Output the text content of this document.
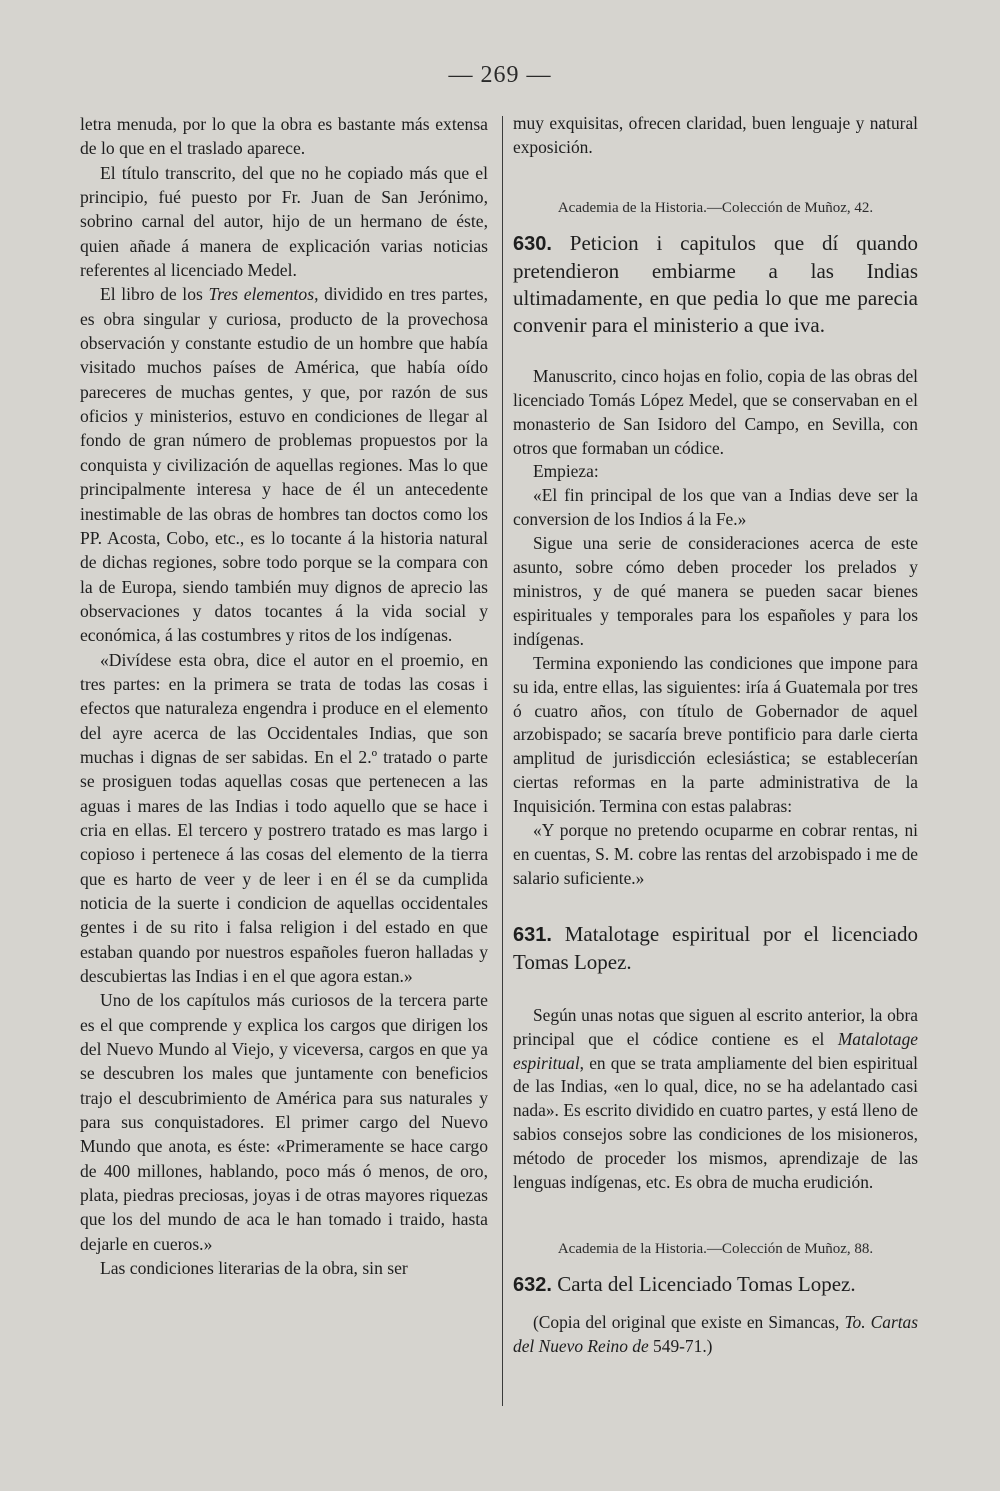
— 269 —

letra menuda, por lo que la obra es bastante más extensa de lo que en el traslado aparece.

El título transcrito, del que no he copiado más que el principio, fué puesto por Fr. Juan de San Jerónimo, sobrino carnal del autor, hijo de un hermano de éste, quien añade á manera de explicación varias noticias referentes al licenciado Medel.

El libro de los Tres elementos, dividido en tres partes, es obra singular y curiosa, producto de la provechosa observación y constante estudio de un hombre que había visitado muchos países de América, que había oído pareceres de muchas gentes, y que, por razón de sus oficios y ministerios, estuvo en condiciones de llegar al fondo de gran número de problemas propuestos por la conquista y civilización de aquellas regiones. Mas lo que principalmente interesa y hace de él un antecedente inestimable de las obras de hombres tan doctos como los PP. Acosta, Cobo, etc., es lo tocante á la historia natural de dichas regiones, sobre todo porque se la compara con la de Europa, siendo también muy dignos de aprecio las observaciones y datos tocantes á la vida social y económica, á las costumbres y ritos de los indígenas.

«Divídese esta obra, dice el autor en el proemio, en tres partes: en la primera se trata de todas las cosas i efectos que naturaleza engendra i produce en el elemento del ayre acerca de las Occidentales Indias, que son muchas i dignas de ser sabidas. En el 2.º tratado o parte se prosiguen todas aquellas cosas que pertenecen a las aguas i mares de las Indias i todo aquello que se hace i cria en ellas. El tercero y postrero tratado es mas largo i copioso i pertenece á las cosas del elemento de la tierra que es harto de veer y de leer i en él se da cumplida noticia de la suerte i condicion de aquellas occidentales gentes i de su rito i falsa religion i del estado en que estaban quando por nuestros españoles fueron halladas y descubiertas las Indias i en el que agora estan.»

Uno de los capítulos más curiosos de la tercera parte es el que comprende y explica los cargos que dirigen los del Nuevo Mundo al Viejo, y viceversa, cargos en que ya se descubren los males que juntamente con beneficios trajo el descubrimiento de América para sus naturales y para sus conquistadores. El primer cargo del Nuevo Mundo que anota, es éste: «Primeramente se hace cargo de 400 millones, hablando, poco más ó menos, de oro, plata, piedras preciosas, joyas i de otras mayores riquezas que los del mundo de aca le han tomado i traido, hasta dejarle en cueros.»

Las condiciones literarias de la obra, sin ser

muy exquisitas, ofrecen claridad, buen lenguaje y natural exposición.

Academia de la Historia.—Colección de Muñoz, 42.

630. Peticion i capitulos que dí quando pretendieron embiarme a las Indias ultimadamente, en que pedia lo que me parecia convenir para el ministerio a que iva.

Manuscrito, cinco hojas en folio, copia de las obras del licenciado Tomás López Medel, que se conservaban en el monasterio de San Isidoro del Campo, en Sevilla, con otros que formaban un códice.

Empieza:

«El fin principal de los que van a Indias deve ser la conversion de los Indios á la Fe.»

Sigue una serie de consideraciones acerca de este asunto, sobre cómo deben proceder los prelados y ministros, y de qué manera se pueden sacar bienes espirituales y temporales para los españoles y para los indígenas.

Termina exponiendo las condiciones que impone para su ida, entre ellas, las siguientes: iría á Guatemala por tres ó cuatro años, con título de Gobernador de aquel arzobispado; se sacaría breve pontificio para darle cierta amplitud de jurisdicción eclesiástica; se establecerían ciertas reformas en la parte administrativa de la Inquisición. Termina con estas palabras:

«Y porque no pretendo ocuparme en cobrar rentas, ni en cuentas, S. M. cobre las rentas del arzobispado i me de salario suficiente.»

631. Matalotage espiritual por el licenciado Tomas Lopez.

Según unas notas que siguen al escrito anterior, la obra principal que el códice contiene es el Matalotage espiritual, en que se trata ampliamente del bien espiritual de las Indias, «en lo qual, dice, no se ha adelantado casi nada». Es escrito dividido en cuatro partes, y está lleno de sabios consejos sobre las condiciones de los misioneros, método de proceder los mismos, aprendizaje de las lenguas indígenas, etc. Es obra de mucha erudición.

Academia de la Historia.—Colección de Muñoz, 88.

632. Carta del Licenciado Tomas Lopez.

(Copia del original que existe en Simancas, To. Cartas del Nuevo Reino de 549-71.)
